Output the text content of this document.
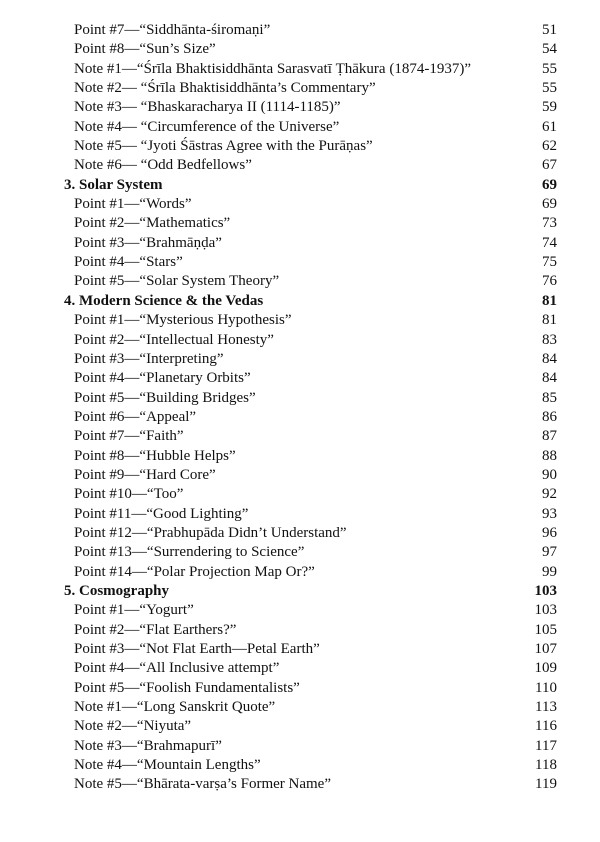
Point #7—“Siddhānta-śiromaṇi”	51
Point #8—“Sun’s Size”	54
Note #1—“Śrīla Bhaktisiddhānta Sarasvatī Ṭhākura (1874-1937)”	55
Note #2— “Śrīla Bhaktisiddhānta’s Commentary”	55
Note #3— “Bhaskaracharya II (1114-1185)”	59
Note #4— “Circumference of the Universe”	61
Note #5— “Jyoti Śāstras Agree with the Purāṇas”	62
Note #6— “Odd Bedfellows”	67
3. Solar System	69
Point #1—“Words”	69
Point #2—“Mathematics”	73
Point #3—“Brahmāṇḍa”	74
Point #4—“Stars”	75
Point #5—“Solar System Theory”	76
4. Modern Science & the Vedas	81
Point #1—“Mysterious Hypothesis”	81
Point #2—“Intellectual Honesty”	83
Point #3—“Interpreting”	84
Point #4—“Planetary Orbits”	84
Point #5—“Building Bridges”	85
Point #6—“Appeal”	86
Point #7—“Faith”	87
Point #8—“Hubble Helps”	88
Point #9—“Hard Core”	90
Point #10—“Too”	92
Point #11—“Good Lighting”	93
Point #12—“Prabhupāda Didn’t Understand”	96
Point #13—“Surrendering to Science”	97
Point #14—“Polar Projection Map Or?”	99
5. Cosmography	103
Point #1—“Yogurt”	103
Point #2—“Flat Earthers?”	105
Point #3—“Not Flat Earth—Petal Earth”	107
Point #4—“All Inclusive attempt”	109
Point #5—“Foolish Fundamentalists”	110
Note #1—“Long Sanskrit Quote”	113
Note #2—“Niyuta”	116
Note #3—“Brahmapurī”	117
Note #4—“Mountain Lengths”	118
Note #5—“Bhārata-varṣa’s Former Name”	119
